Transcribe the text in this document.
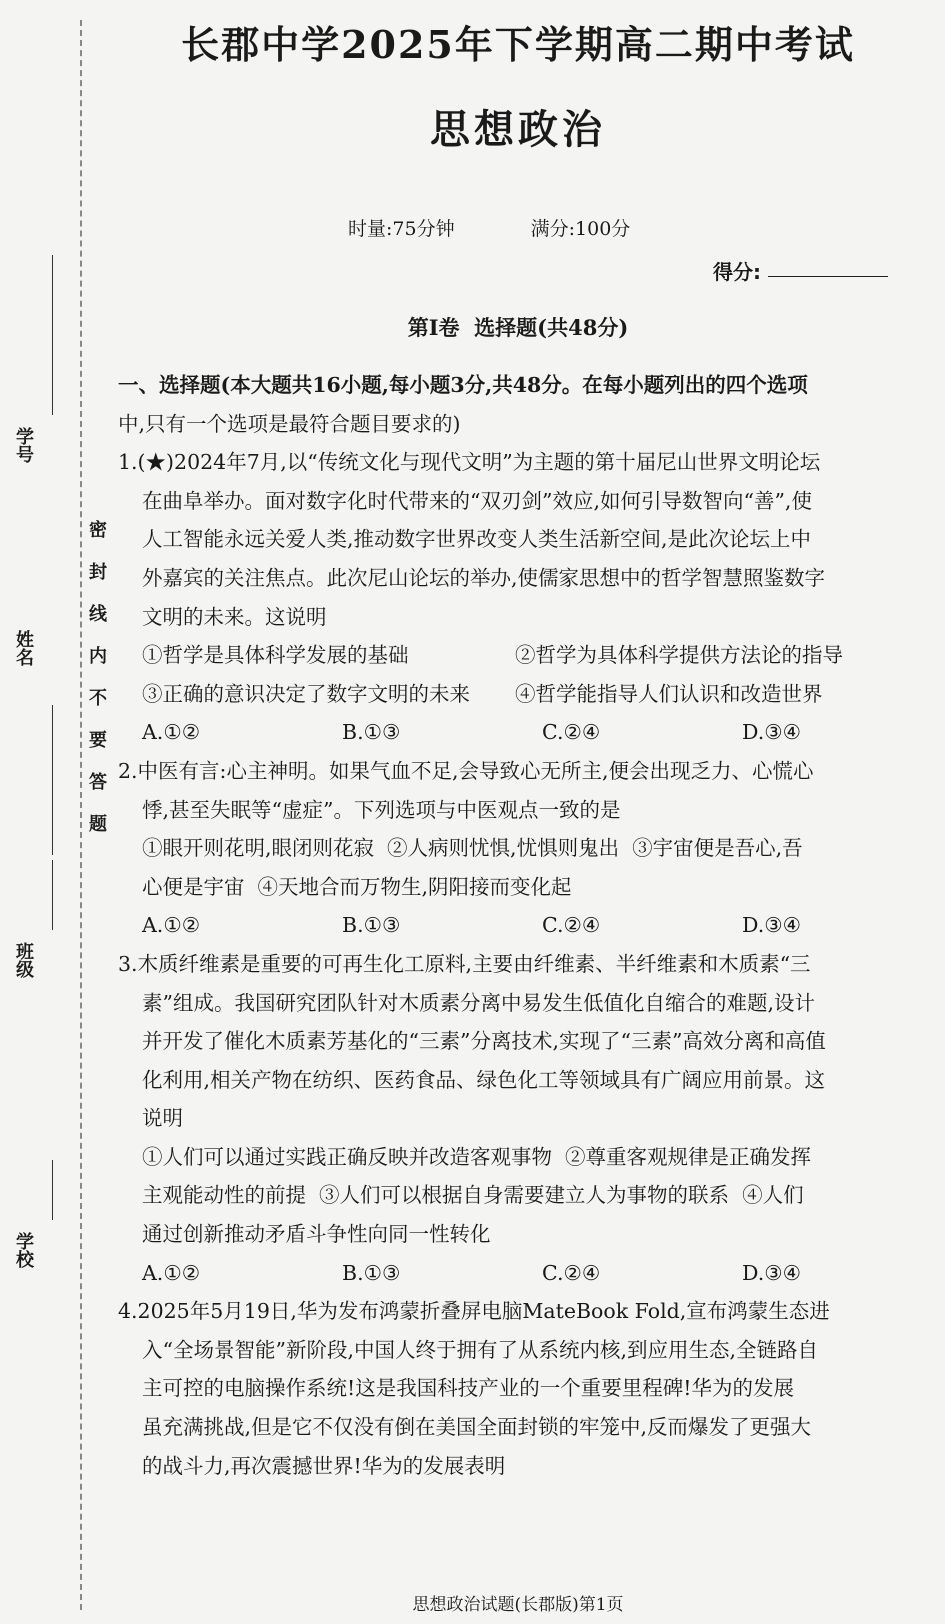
学号
姓名
班级
学校
密封线内不要答题
长郡中学2025年下学期高二期中考试
思想政治
时量:75分钟	满分:100分
得分:
第Ⅰ卷  选择题(共48分)

一、选择题(本大题共16小题,每小题3分,共48分。在每小题列出的四个选项

中,只有一个选项是最符合题目要求的)

1.(★)2024年7月,以“传统文化与现代文明”为主题的第十届尼山世界文明论坛

在曲阜举办。面对数字化时代带来的“双刃剑”效应,如何引导数智向“善”,使

人工智能永远关爱人类,推动数字世界改变人类生活新空间,是此次论坛上中

外嘉宾的关注焦点。此次尼山论坛的举办,使儒家思想中的哲学智慧照鉴数字

文明的未来。这说明

①哲学是具体科学发展的基础	②哲学为具体科学提供方法论的指导
③正确的意识决定了数字文明的未来	④哲学能指导人们认识和改造世界
A.①②	B.①③	C.②④	D.③④

2.中医有言:心主神明。如果气血不足,会导致心无所主,便会出现乏力、心慌心

悸,甚至失眠等“虚症”。下列选项与中医观点一致的是

①眼开则花明,眼闭则花寂  ②人病则忧惧,忧惧则鬼出  ③宇宙便是吾心,吾

心便是宇宙  ④天地合而万物生,阴阳接而变化起

A.①②	B.①③	C.②④	D.③④

3.木质纤维素是重要的可再生化工原料,主要由纤维素、半纤维素和木质素“三

素”组成。我国研究团队针对木质素分离中易发生低值化自缩合的难题,设计

并开发了催化木质素芳基化的“三素”分离技术,实现了“三素”高效分离和高值

化利用,相关产物在纺织、医药食品、绿色化工等领域具有广阔应用前景。这

说明

①人们可以通过实践正确反映并改造客观事物  ②尊重客观规律是正确发挥

主观能动性的前提  ③人们可以根据自身需要建立人为事物的联系  ④人们

通过创新推动矛盾斗争性向同一性转化

A.①②	B.①③	C.②④	D.③④

4.2025年5月19日,华为发布鸿蒙折叠屏电脑MateBook Fold,宣布鸿蒙生态进

入“全场景智能”新阶段,中国人终于拥有了从系统内核,到应用生态,全链路自

主可控的电脑操作系统!这是我国科技产业的一个重要里程碑!华为的发展

虽充满挑战,但是它不仅没有倒在美国全面封锁的牢笼中,反而爆发了更强大

的战斗力,再次震撼世界!华为的发展表明

思想政治试题(长郡版)第1页
